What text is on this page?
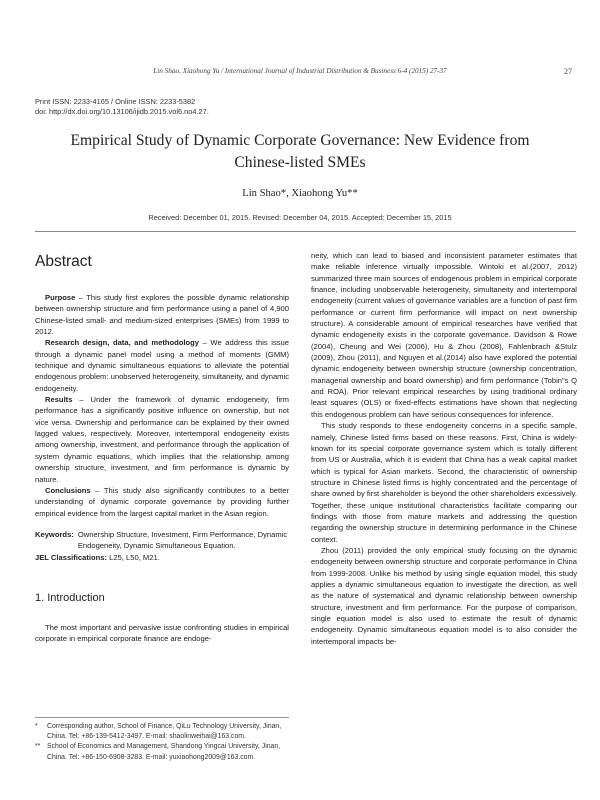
Lin Shao, Xiaohong Yu / International Journal of Industrial Distribution & Business 6-4 (2015) 27-37	27
Print ISSN: 2233-4165 / Online ISSN: 2233-5382
doi: http://dx.doi.org/10.13106/ijidb.2015.vol6.no4.27.
Empirical Study of Dynamic Corporate Governance: New Evidence from
Chinese-listed SMEs
Lin Shao*, Xiaohong Yu**
Received: December 01, 2015. Revised: December 04, 2015. Accepted: December 15, 2015
Abstract

Purpose – This study first explores the possible dynamic relationship between ownership structure and firm performance using a panel of 4,900 Chinese-listed small- and medium-sized enterprises (SMEs) from 1999 to 2012.

Research design, data, and methodology – We address this issue through a dynamic panel model using a method of moments (GMM) technique and dynamic simultaneous equations to alleviate the potential endogenous problem: unobserved heterogeneity, simultaneity, and dynamic endogeneity.

Results – Under the framework of dynamic endogeneity, firm performance has a significantly positive influence on ownership, but not vice versa. Ownership and performance can be explained by their owned lagged values, respectively. Moreover, intertemporal endogeneity exists among ownership, investment, and performance through the application of system dynamic equations, which implies that the relationship among ownership structure, investment, and firm performance is dynamic by nature.

Conclusions – This study also significantly contributes to a better understanding of dynamic corporate governance by providing further empirical evidence from the largest capital market in the Asian region.

Keywords: Ownership Structure, Investment, Firm Performance, Dynamic Endogeneity, Dynamic Simultaneous Equation.

JEL Classifications: L25, L50, M21.

1. Introduction

The most important and pervasive issue confronting studies in empirical corporate in empirical corporate finance are endoge-

*	Corresponding author, School of Finance, QiLu Technology University, Jinan, China. Tel: +86-139-5412-3497. E-mail: shaolinweihai@163.com.
** School of Economics and Management, Shandong Yingcai University, Jinan, China. Tel: +86-150-6908-3283. E-mail: yuxiaohong2009@163.com.

neity, which can lead to biased and inconsistent parameter estimates that make reliable inference virtually impossible. Wintoki et al.(2007, 2012) summarized three main sources of endogenous problem in empirical corporate finance, including unobservable heterogeneity, simultaneity and intertemporal endogeneity (current values of governance variables are a function of past firm performance or current firm performance will impact on next ownership structure). A considerable amount of empirical researches have verified that dynamic endogeneity exists in the corporate governance. Davidson & Rowe (2004), Cheung and Wei (2006), Hu & Zhou (2008), Fahlenbrach &Stulz (2009), Zhou (2011), and Nguyen et al.(2014) also have explored the potential dynamic endogeneity between ownership structure (ownership concentration, managerial ownership and board ownership) and firm performance (Tobin"s Q and ROA). Prior relevant empirical researches by using traditional ordinary least squares (OLS) or fixed-effects estimations have shown that neglecting this endogenous problem can have serious consequences for inference.

This study responds to these endogeneity concerns in a specific sample, namely, Chinese listed firms based on these reasons. First, China is widely-known for its special corporate governance system which is totally different from US or Australia, which it is evident that China has a weak capital market which is typical for Asian markets. Second, the characteristic of ownership structure in Chinese listed firms is highly concentrated and the percentage of share owned by first shareholder is beyond the other shareholders excessively. Together, these unique institutional characteristics facilitate comparing our findings with those from mature markets and addressing the question regarding the ownership structure in determining performance in the Chinese context.

Zhou (2011) provided the only empirical study focusing on the dynamic endogeneity between ownership structure and corporate performance in China from 1999-2008. Unlike his method by using single equation model, this study applies a dynamic simultaneous equation to investigate the direction, as well as the nature of systematical and dynamic relationship between ownership structure, investment and firm performance. For the purpose of comparison, single equation model is also used to estimate the result of dynamic endogeneity. Dynamic simultaneous equation model is to also consider the intertemporal impacts be-
